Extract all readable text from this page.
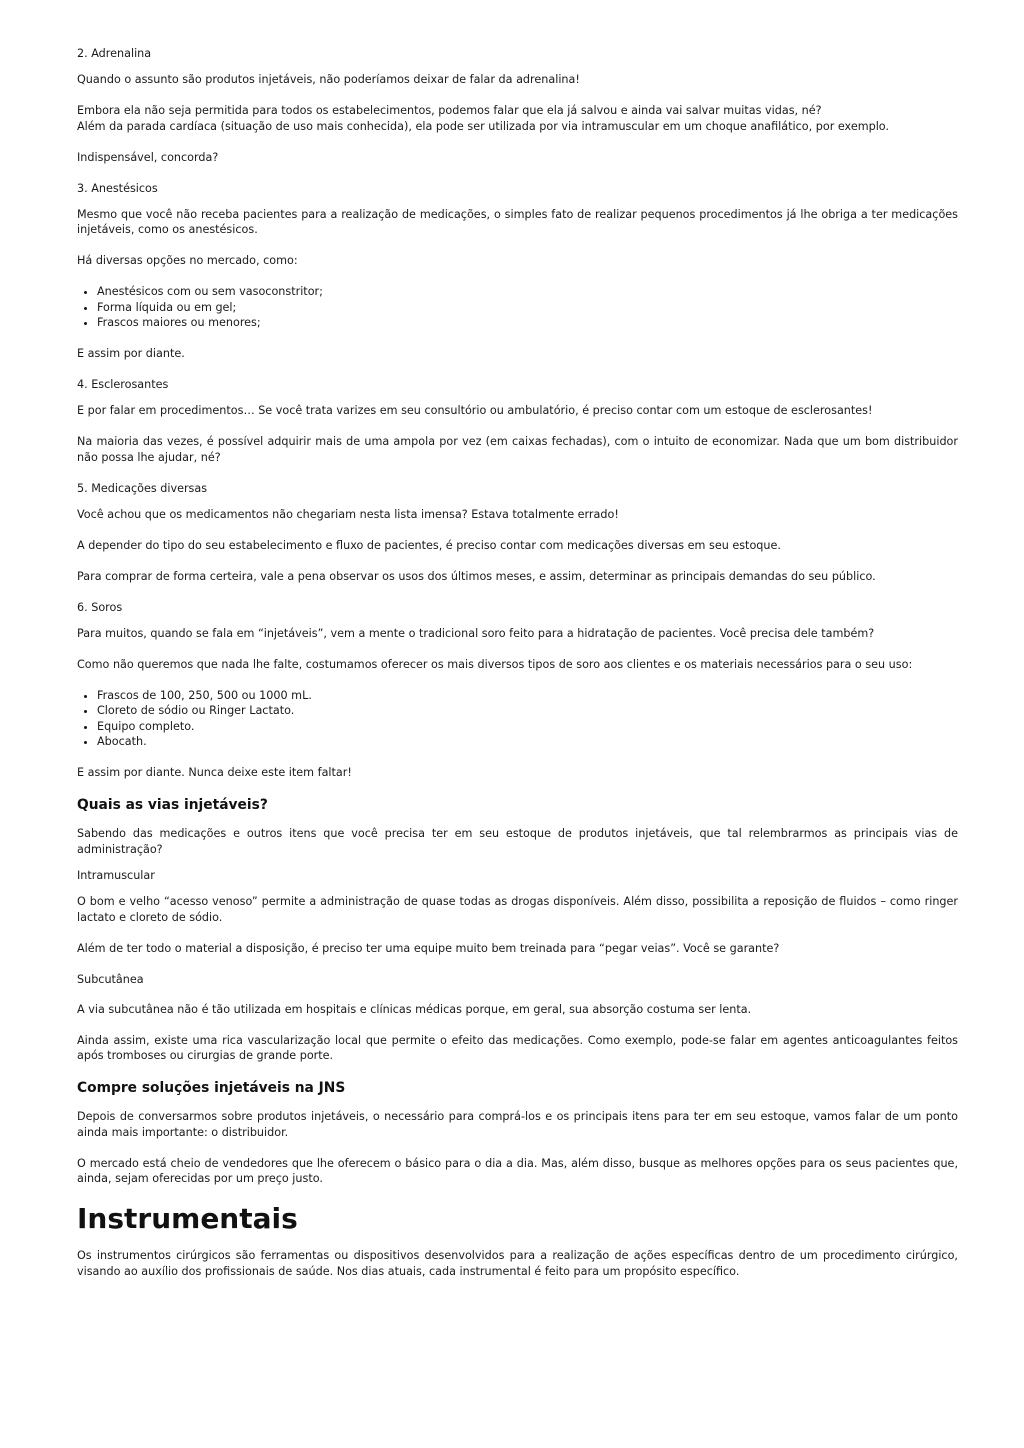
2. Adrenalina

Quando o assunto são produtos injetáveis, não poderíamos deixar de falar da adrenalina!

Embora ela não seja permitida para todos os estabelecimentos, podemos falar que ela já salvou e ainda vai salvar muitas vidas, né?

Além da parada cardíaca (situação de uso mais conhecida), ela pode ser utilizada por via intramuscular em um choque anafilático, por exemplo.

Indispensável, concorda?

3. Anestésicos

Mesmo que você não receba pacientes para a realização de medicações, o simples fato de realizar pequenos procedimentos já lhe obriga a ter medicações injetáveis, como os anestésicos.

Há diversas opções no mercado, como:

• Anestésicos com ou sem vasoconstritor;
• Forma líquida ou em gel;
• Frascos maiores ou menores;

E assim por diante.

4. Esclerosantes

E por falar em procedimentos… Se você trata varizes em seu consultório ou ambulatório, é preciso contar com um estoque de esclerosantes!

Na maioria das vezes, é possível adquirir mais de uma ampola por vez (em caixas fechadas), com o intuito de economizar. Nada que um bom distribuidor não possa lhe ajudar, né?

5. Medicações diversas

Você achou que os medicamentos não chegariam nesta lista imensa? Estava totalmente errado!

A depender do tipo do seu estabelecimento e fluxo de pacientes, é preciso contar com medicações diversas em seu estoque.

Para comprar de forma certeira, vale a pena observar os usos dos últimos meses, e assim, determinar as principais demandas do seu público.

6. Soros

Para muitos, quando se fala em “injetáveis”, vem a mente o tradicional soro feito para a hidratação de pacientes. Você precisa dele também?

Como não queremos que nada lhe falte, costumamos oferecer os mais diversos tipos de soro aos clientes e os materiais necessários para o seu uso:

• Frascos de 100, 250, 500 ou 1000 mL.
• Cloreto de sódio ou Ringer Lactato.
• Equipo completo.
• Abocath.

E assim por diante. Nunca deixe este item faltar!

Quais as vias injetáveis?

Sabendo das medicações e outros itens que você precisa ter em seu estoque de produtos injetáveis, que tal relembrarmos as principais vias de administração?

Intramuscular

O bom e velho “acesso venoso” permite a administração de quase todas as drogas disponíveis. Além disso, possibilita a reposição de fluidos – como ringer lactato e cloreto de sódio.

Além de ter todo o material a disposição, é preciso ter uma equipe muito bem treinada para “pegar veias”. Você se garante?

Subcutânea

A via subcutânea não é tão utilizada em hospitais e clínicas médicas porque, em geral, sua absorção costuma ser lenta.

Ainda assim, existe uma rica vascularização local que permite o efeito das medicações. Como exemplo, pode-se falar em agentes anticoagulantes feitos após tromboses ou cirurgias de grande porte.

Compre soluções injetáveis na JNS

Depois de conversarmos sobre produtos injetáveis, o necessário para comprá-los e os principais itens para ter em seu estoque, vamos falar de um ponto ainda mais importante: o distribuidor.

O mercado está cheio de vendedores que lhe oferecem o básico para o dia a dia. Mas, além disso, busque as melhores opções para os seus pacientes que, ainda, sejam oferecidas por um preço justo.

Instrumentais

Os instrumentos cirúrgicos são ferramentas ou dispositivos desenvolvidos para a realização de ações específicas dentro de um procedimento cirúrgico, visando ao auxílio dos profissionais de saúde. Nos dias atuais, cada instrumental é feito para um propósito específico.
